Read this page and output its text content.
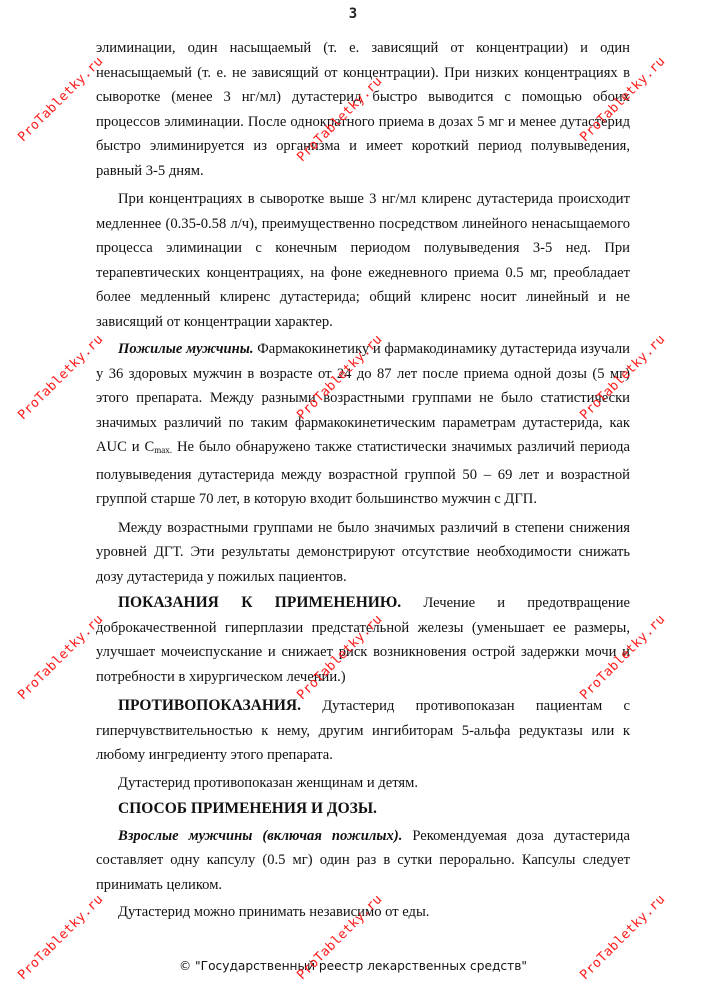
3

элиминации, один насыщаемый (т. е. зависящий от концентрации) и один ненасыщаемый (т. е. не зависящий от концентрации). При низких концентрациях в сыворотке (менее 3 нг/мл) дутастерид быстро выводится с помощью обоих процессов элиминации. После однократного приема в дозах 5 мг и менее дутастерид быстро элиминируется из организма и имеет короткий период полувыведения, равный 3-5 дням.

При концентрациях в сыворотке выше 3 нг/мл клиренс дутастерида происходит медленнее (0.35-0.58 л/ч), преимущественно посредством линейного ненасыщаемого процесса элиминации с конечным периодом полувыведения 3-5 нед. При терапевтических концентрациях, на фоне ежедневного приема 0.5 мг, преобладает более медленный клиренс дутастерида; общий клиренс носит линейный и не зависящий от концентрации характер.

Пожилые мужчины. Фармакокинетику и фармакодинамику дутастерида изучали у 36 здоровых мужчин в возрасте от 24 до 87 лет после приема одной дозы (5 мг) этого препарата. Между разными возрастными группами не было статистически значимых различий по таким фармакокинетическим параметрам дутастерида, как AUC и $C_{max.}$ Не было обнаружено также статистически значимых различий периода полувыведения дутастерида между возрастной группой 50 – 69 лет и возрастной группой старше 70 лет, в которую входит большинство мужчин с ДГП.

Между возрастными группами не было значимых различий в степени снижения уровней ДГТ. Эти результаты демонстрируют отсутствие необходимости снижать дозу дутастерида у пожилых пациентов.

ПОКАЗАНИЯ К ПРИМЕНЕНИЮ. Лечение и предотвращение доброкачественной гиперплазии предстательной железы (уменьшает ее размеры, улучшает мочеиспускание и снижает риск возникновения острой задержки мочи и потребности в хирургическом лечении.)

ПРОТИВОПОКАЗАНИЯ. Дутастерид противопоказан пациентам с гиперчувствительностью к нему, другим ингибиторам 5-альфа редуктазы или к любому ингредиенту этого препарата.

Дутастерид противопоказан женщинам и детям.

СПОСОБ ПРИМЕНЕНИЯ И ДОЗЫ.

Взрослые мужчины (включая пожилых). Рекомендуемая доза дутастерида составляет одну капсулу (0.5 мг) один раз в сутки перорально. Капсулы следует принимать целиком.

Дутастерид можно принимать независимо от еды.

© "Государственный реестр лекарственных средств"
ProTabletky.ru	ProTabletky.ru	ProTabletky.ru
ProTabletky.ru	ProTabletky.ru	ProTabletky.ru
ProTabletky.ru	ProTabletky.ru	ProTabletky.ru
ProTabletky.ru	ProTabletky.ru	ProTabletky.ru
